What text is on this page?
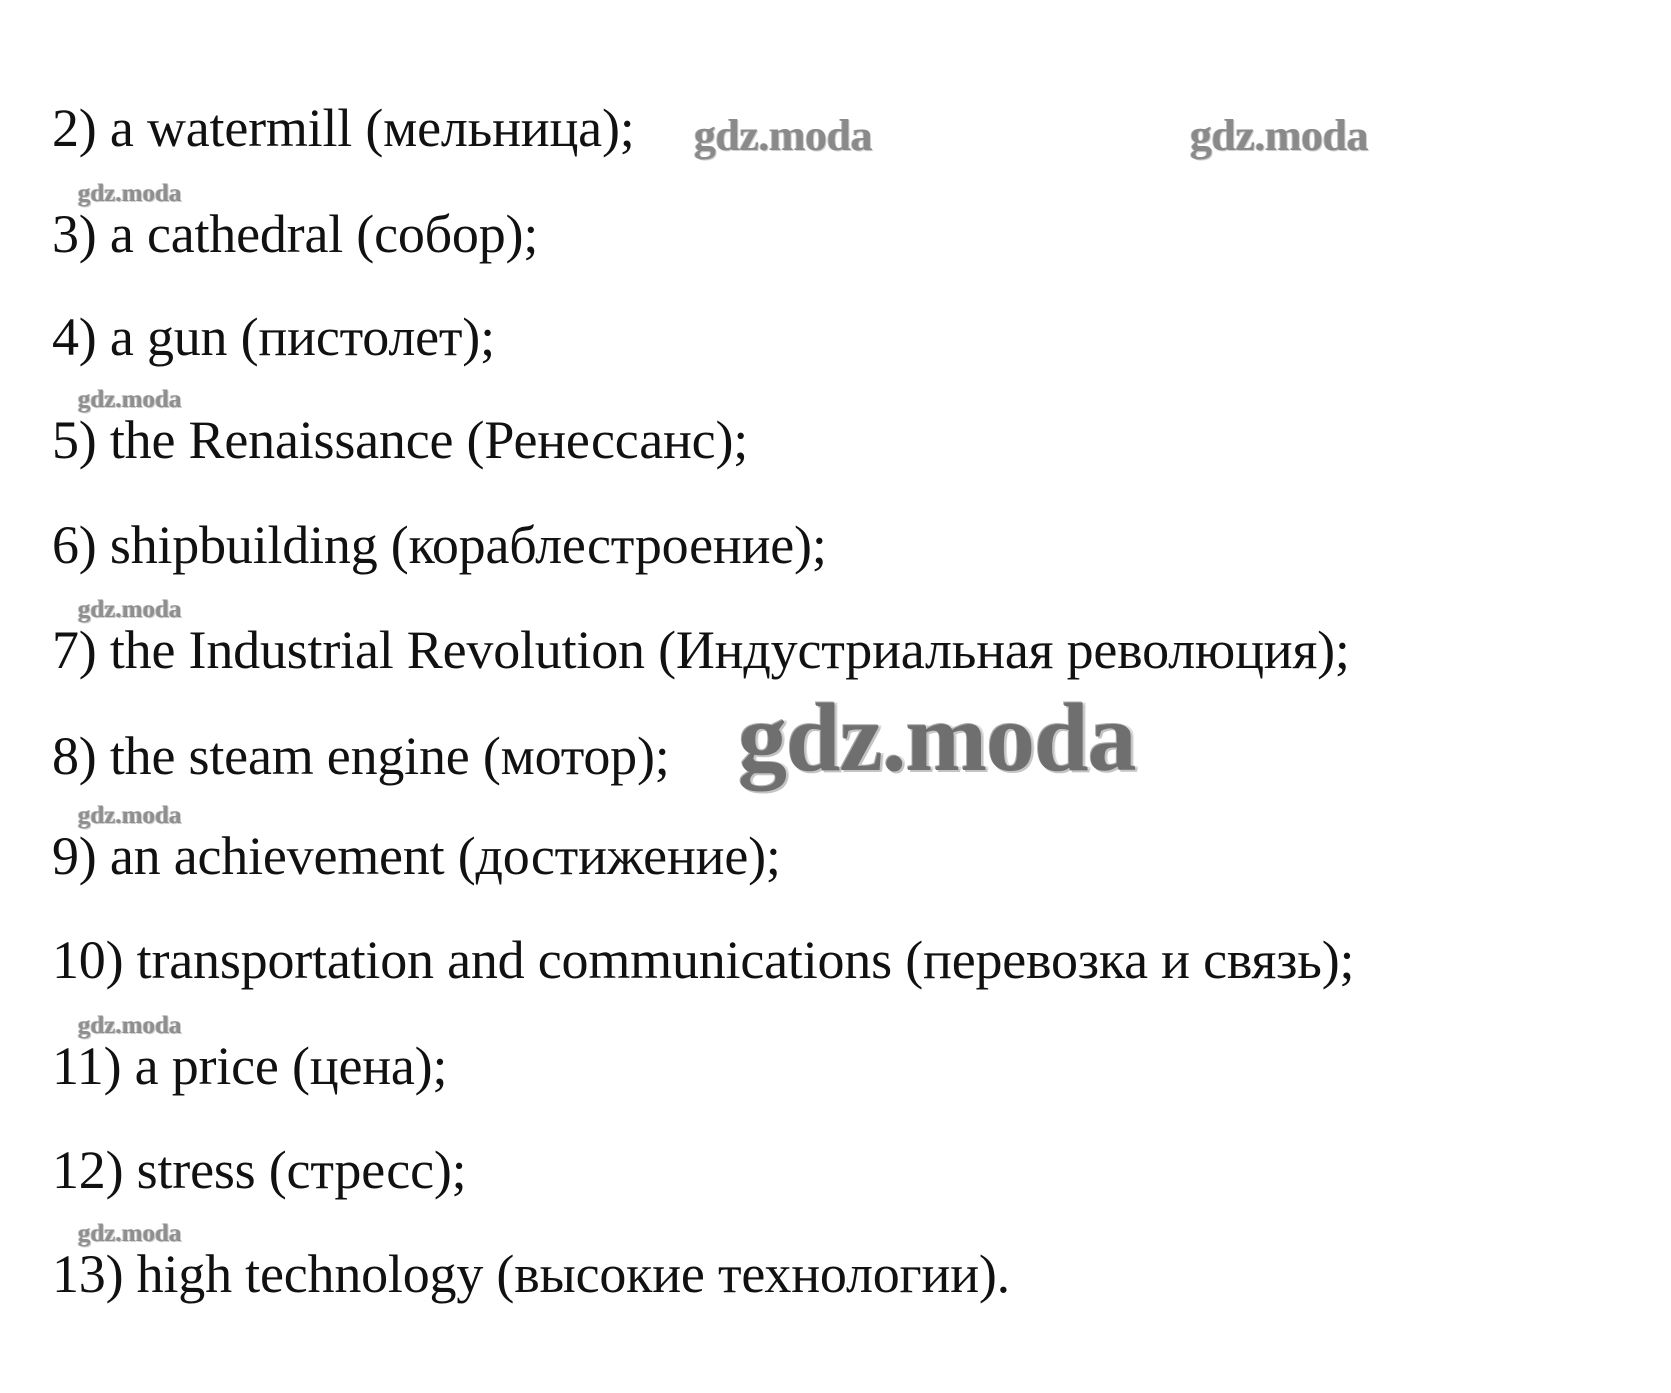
2) a watermill (мельница); gdz.moda	gdz.moda
gdz.moda
3) a cathedral (собор);
4) a gun (пистолет);
gdz.moda
5) the Renaissance (Ренессанс);
6) shipbuilding (кораблестроение);
gdz.moda
7) the Industrial Revolution (Индустриальная революция);
8) the steam engine (мотор); gdz.moda
gdz.moda
9) an achievement (достижение);
10) transportation and communications (перевозка и связь);
gdz.moda
11) a price (цена);
12) stress (стресс);
gdz.moda
13) high technology (высокие технологии).
